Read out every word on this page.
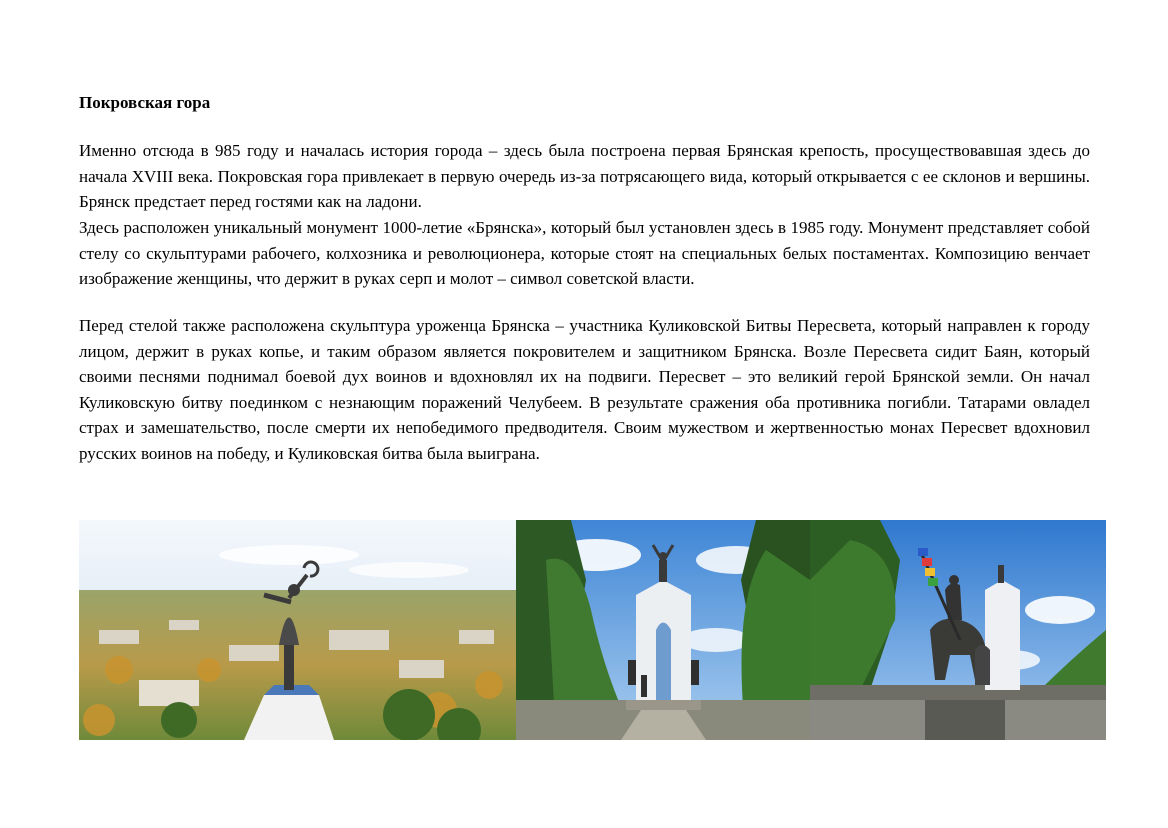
Покровская гора

Именно отсюда в 985 году и началась история города – здесь была построена первая Брянская крепость, просуществовавшая здесь до начала XVIII века. Покровская гора привлекает в первую очередь из-за потрясающего вида, который открывается с ее склонов и вершины. Брянск предстает перед гостями как на ладони.

Здесь расположен уникальный монумент 1000-летие «Брянска», который был установлен здесь в 1985 году. Монумент представляет собой стелу со скульптурами рабочего, колхозника и революционера, которые стоят на специальных белых постаментах. Композицию венчает изображение женщины, что держит в руках серп и молот – символ советской власти.

Перед стелой также расположена скульптура уроженца Брянска – участника Куликовской Битвы Пересвета, который направлен к городу лицом, держит в руках копье, и таким образом является покровителем и защитником Брянска. Возле Пересвета сидит Баян, который своими песнями поднимал боевой дух воинов и вдохновлял их на подвиги. Пересвет – это великий герой Брянской земли. Он начал Куликовскую битву поединком с незнающим поражений Челубеем. В результате сражения оба противника погибли. Татарами овладел страх и замешательство, после смерти их непобедимого предводителя. Своим мужеством и жертвенностью монах Пересвет вдохновил русских воинов на победу, и Куликовская битва была выиграна.
